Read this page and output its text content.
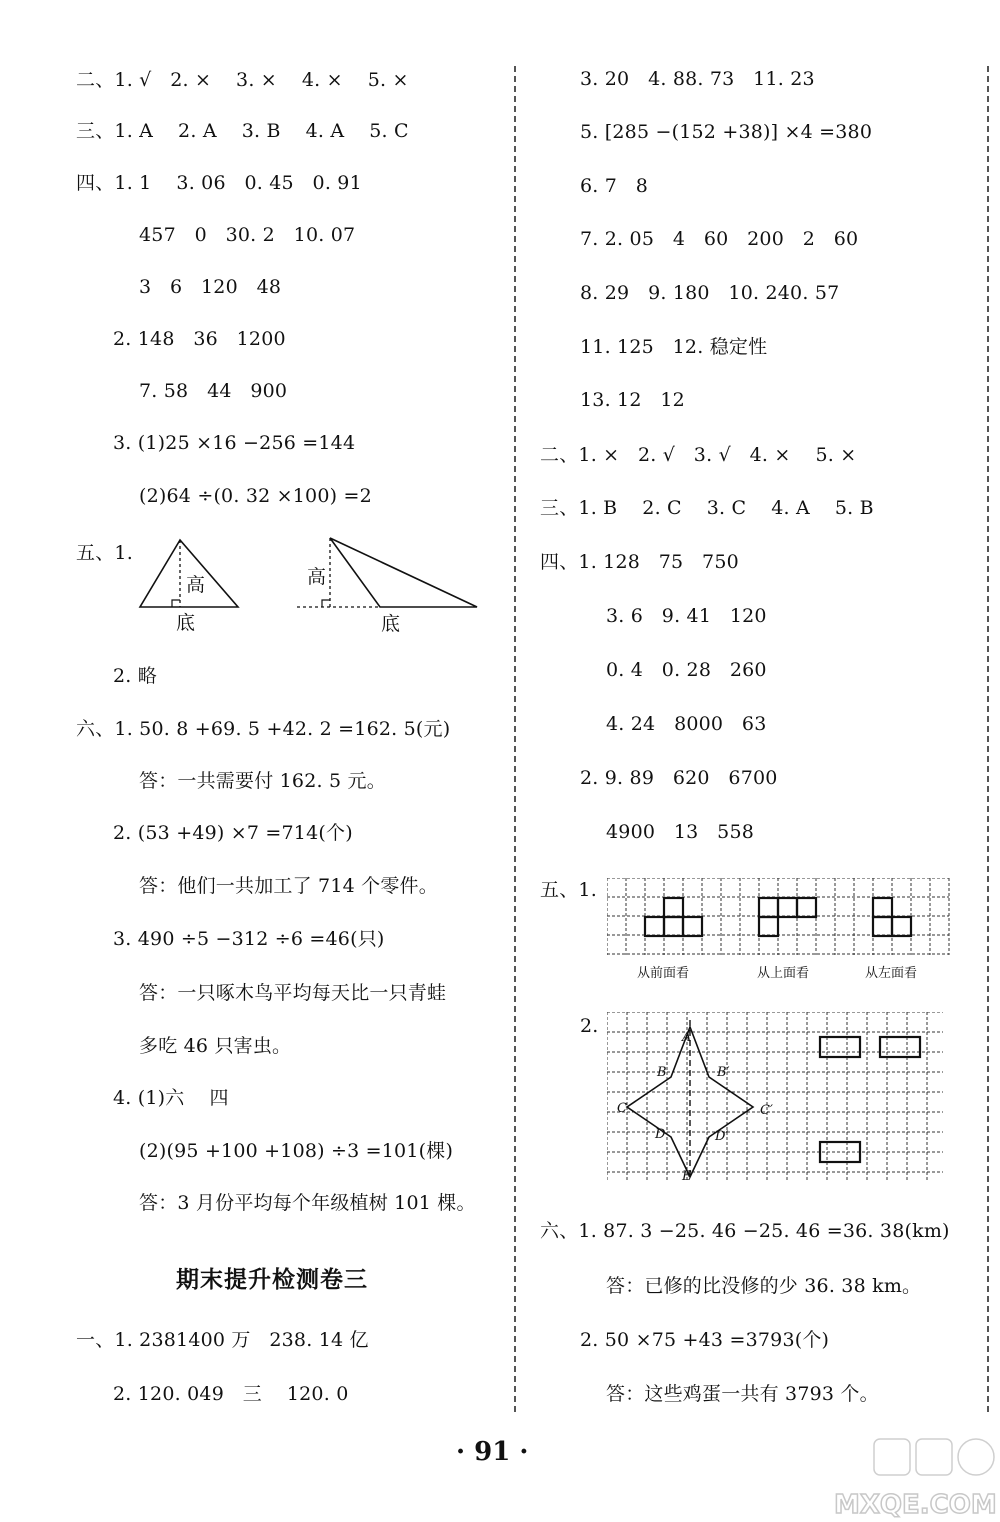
二、1. √   2. ×    3. ×    4. ×    5. ×
三、1. A    2. A    3. B    4. A    5. C
四、1. 1    3. 06   0. 45   0. 91
457   0   30. 2   10. 07
3   6   120   48
2. 148   36   1200
7. 58   44   900
3. (1)25 ×16 −256 =144
(2)64 ÷(0. 32 ×100) =2
五、1.
高
底
高
底
2. 略
六、1. 50. 8 +69. 5 +42. 2 =162. 5(元)
答：一共需要付 162. 5 元。
2. (53 +49) ×7 =714(个)
答：他们一共加工了 714 个零件。
3. 490 ÷5 −312 ÷6 =46(只)
答：一只啄木鸟平均每天比一只青蛙
多吃 46 只害虫。
4. (1)六    四
(2)(95 +100 +108) ÷3 =101(棵)
答：3 月份平均每个年级植树 101 棵。
期末提升检测卷三
一、1. 2381400 万   238. 14 亿
2. 120. 049   三    120. 0
3. 20   4. 88. 73   11. 23
5. [285 −(152 +38)] ×4 =380
6. 7   8
7. 2. 05   4   60   200   2   60
8. 29   9. 180   10. 240. 57
11. 125   12. 稳定性
13. 12   12
二、1. ×   2. √   3. √   4. ×    5. ×
三、1. B    2. C    3. C    4. A    5. B
四、1. 128   75   750
3. 6   9. 41   120
0. 4   0. 28   260
4. 24   8000   63
2. 9. 89   620   6700
4900   13   558
五、1.
从前面看	从上面看	从左面看
2.
A
B	B′
C	C′
D	D′
E
六、1. 87. 3 −25. 46 −25. 46 =36. 38(km)
答：已修的比没修的少 36. 38 km。
2. 50 ×75 +43 =3793(个)
答：这些鸡蛋一共有 3793 个。
· 91 ·
MXQE.COM
